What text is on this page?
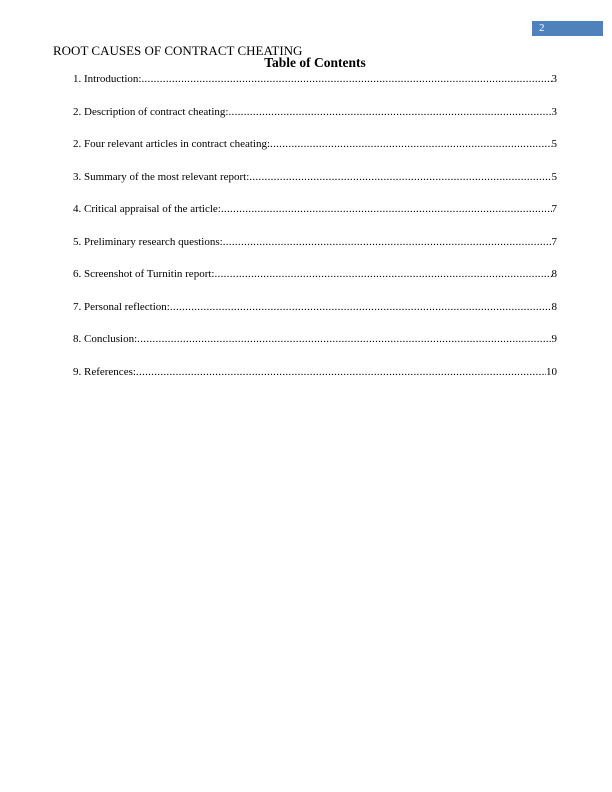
2
ROOT CAUSES OF CONTRACT CHEATING
Table of Contents
1. Introduction: .....	3
2. Description of contract cheating: .....	3
2. Four relevant articles in contract cheating: .....	5
3. Summary of the most relevant report: .....	5
4. Critical appraisal of the article: .....	7
5. Preliminary research questions: .....	7
6. Screenshot of Turnitin report: .....	8
7. Personal reflection: .....	8
8. Conclusion: .....	9
9. References: .....	10
